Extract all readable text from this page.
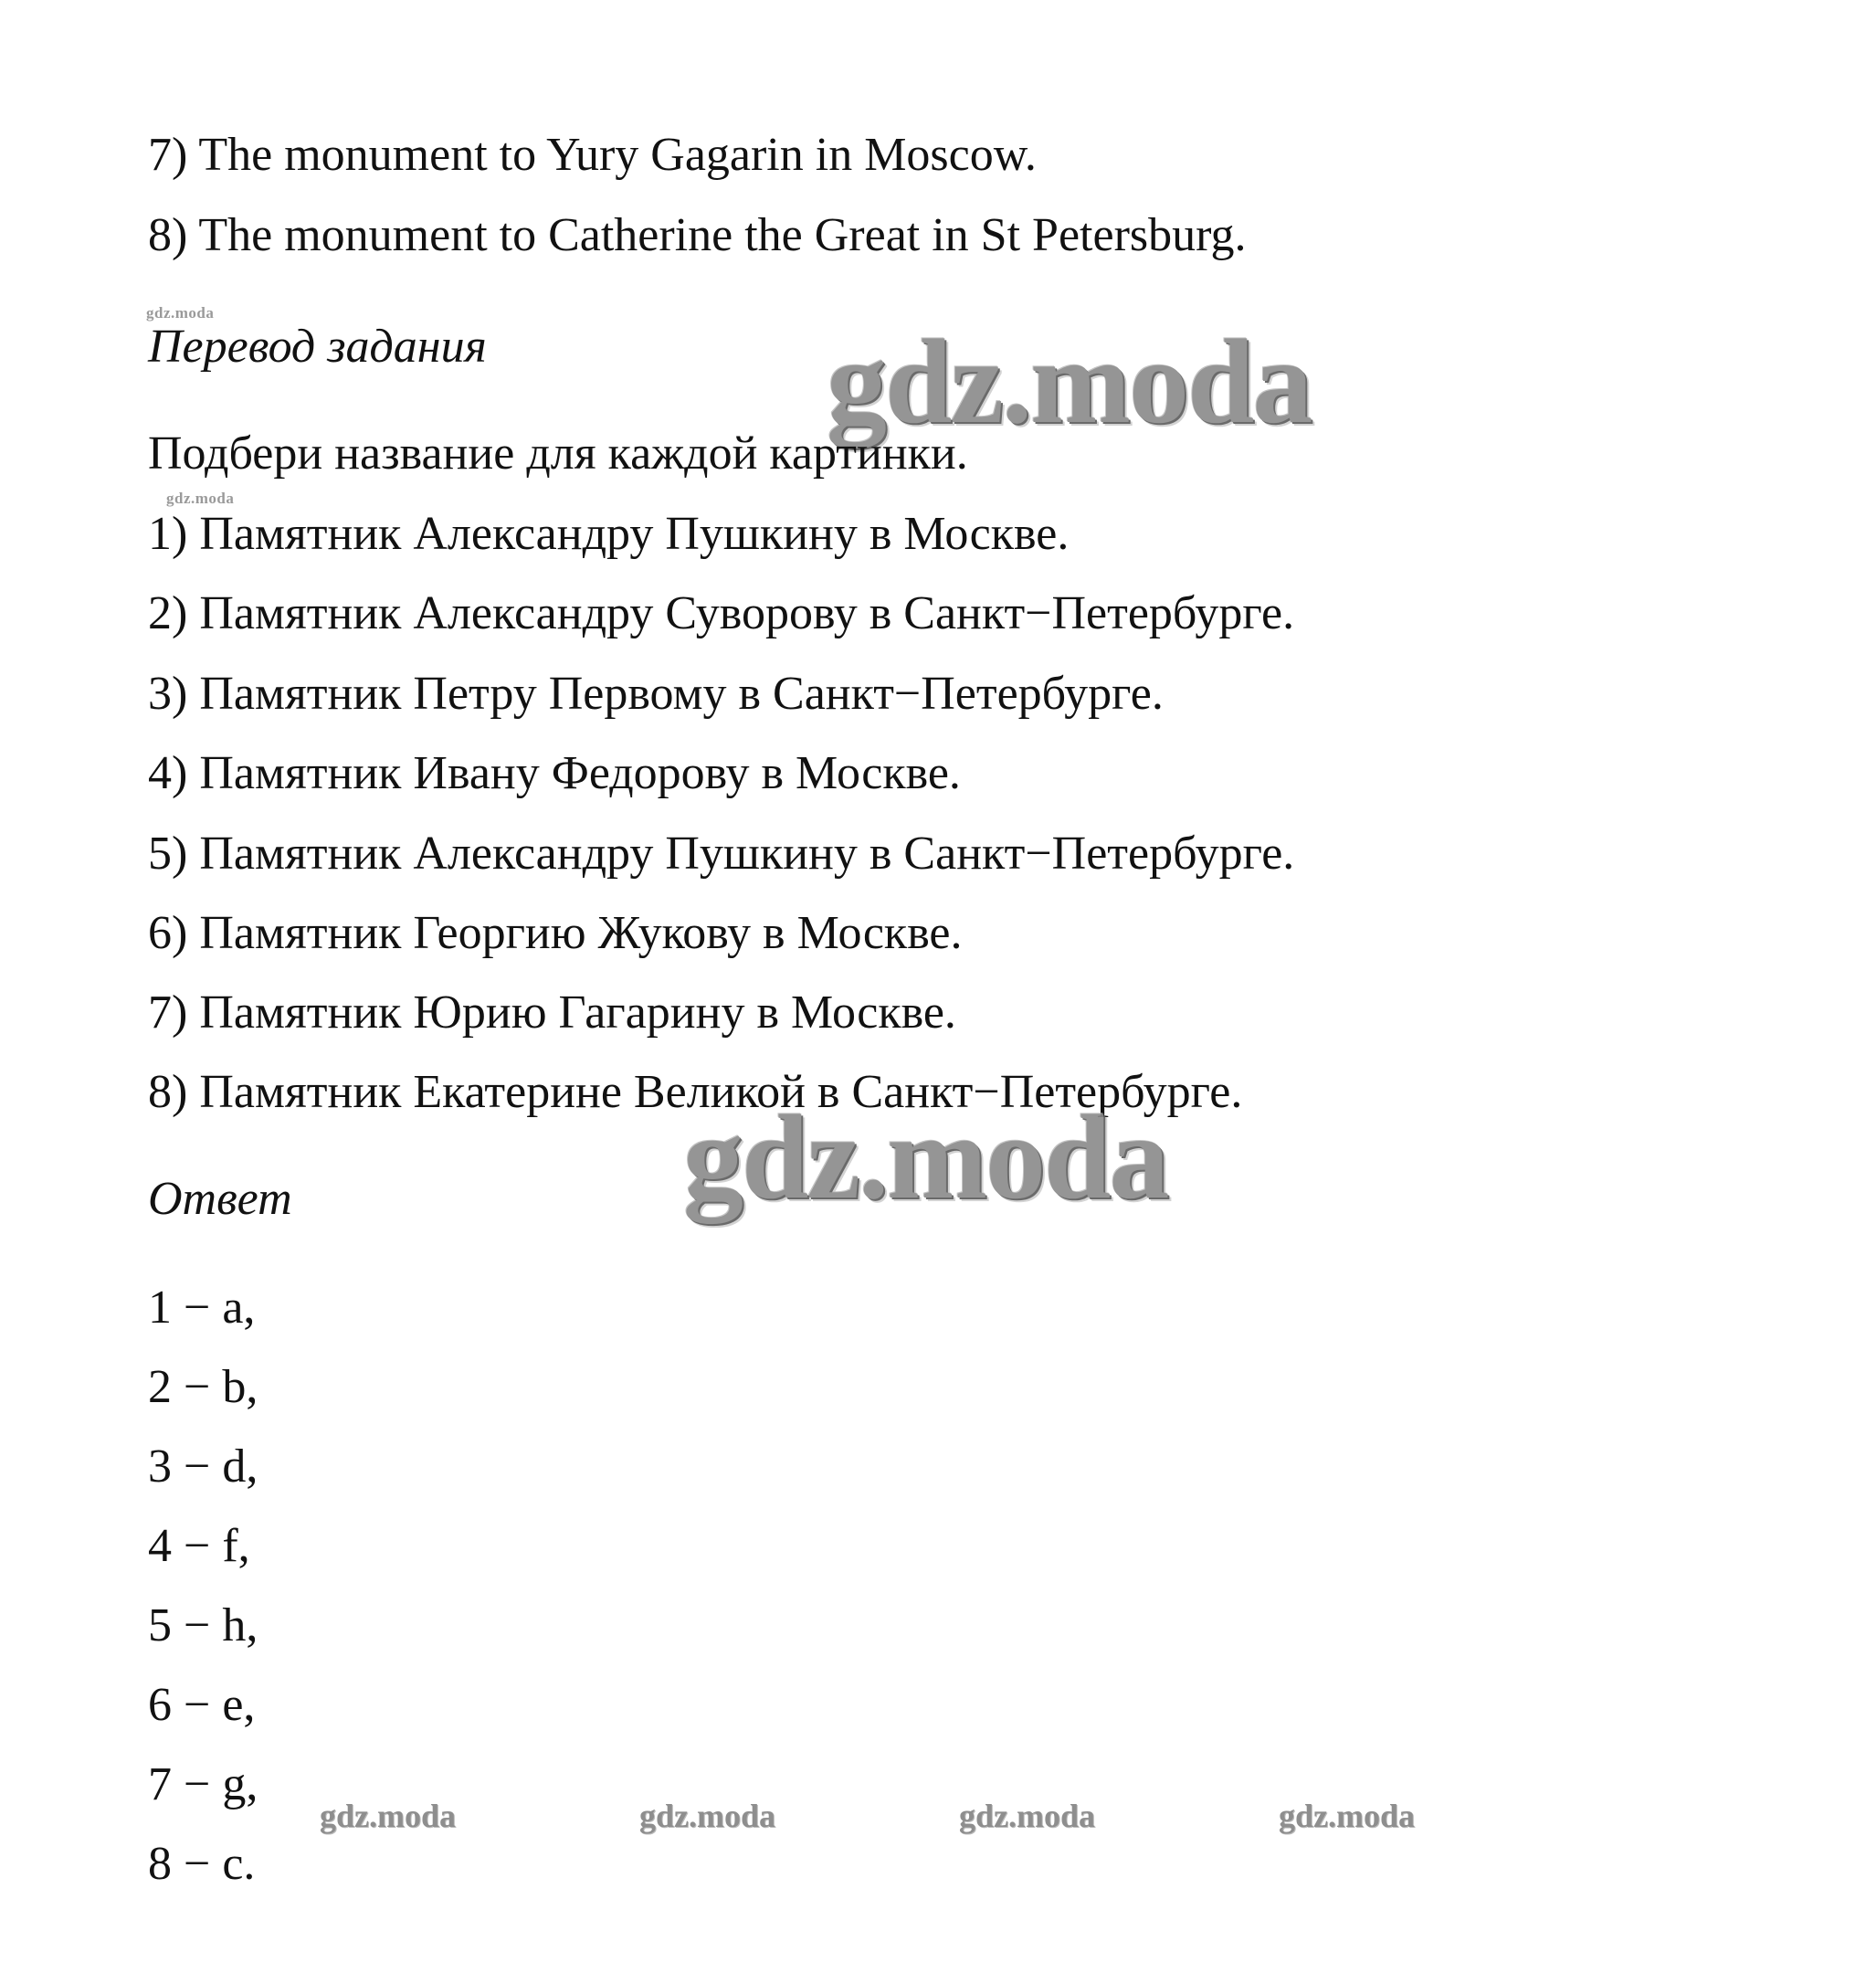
7) The monument to Yury Gagarin in Moscow.
8) The monument to Catherine the Great in St Petersburg.
gdz.moda
Перевод задания	gdz.moda
Подбери название для каждой картинки.
gdz.moda
1) Памятник Александру Пушкину в Москве.
2) Памятник Александру Суворову в Санкт−Петербурге.
3) Памятник Петру Первому в Санкт−Петербурге.
4) Памятник Ивану Федорову в Москве.
5) Памятник Александру Пушкину в Санкт−Петербурге.
6) Памятник Георгию Жукову в Москве.
7) Памятник Юрию Гагарину в Москве.
8) Памятник Екатерине Великой в Санкт−Петербурге.
gdz.moda
Ответ
1 − a,
2 − b,
3 − d,
4 − f,
5 − h,
6 − e,
7 − g,
8 − c.
gdz.moda	gdz.moda	gdz.moda	gdz.moda
